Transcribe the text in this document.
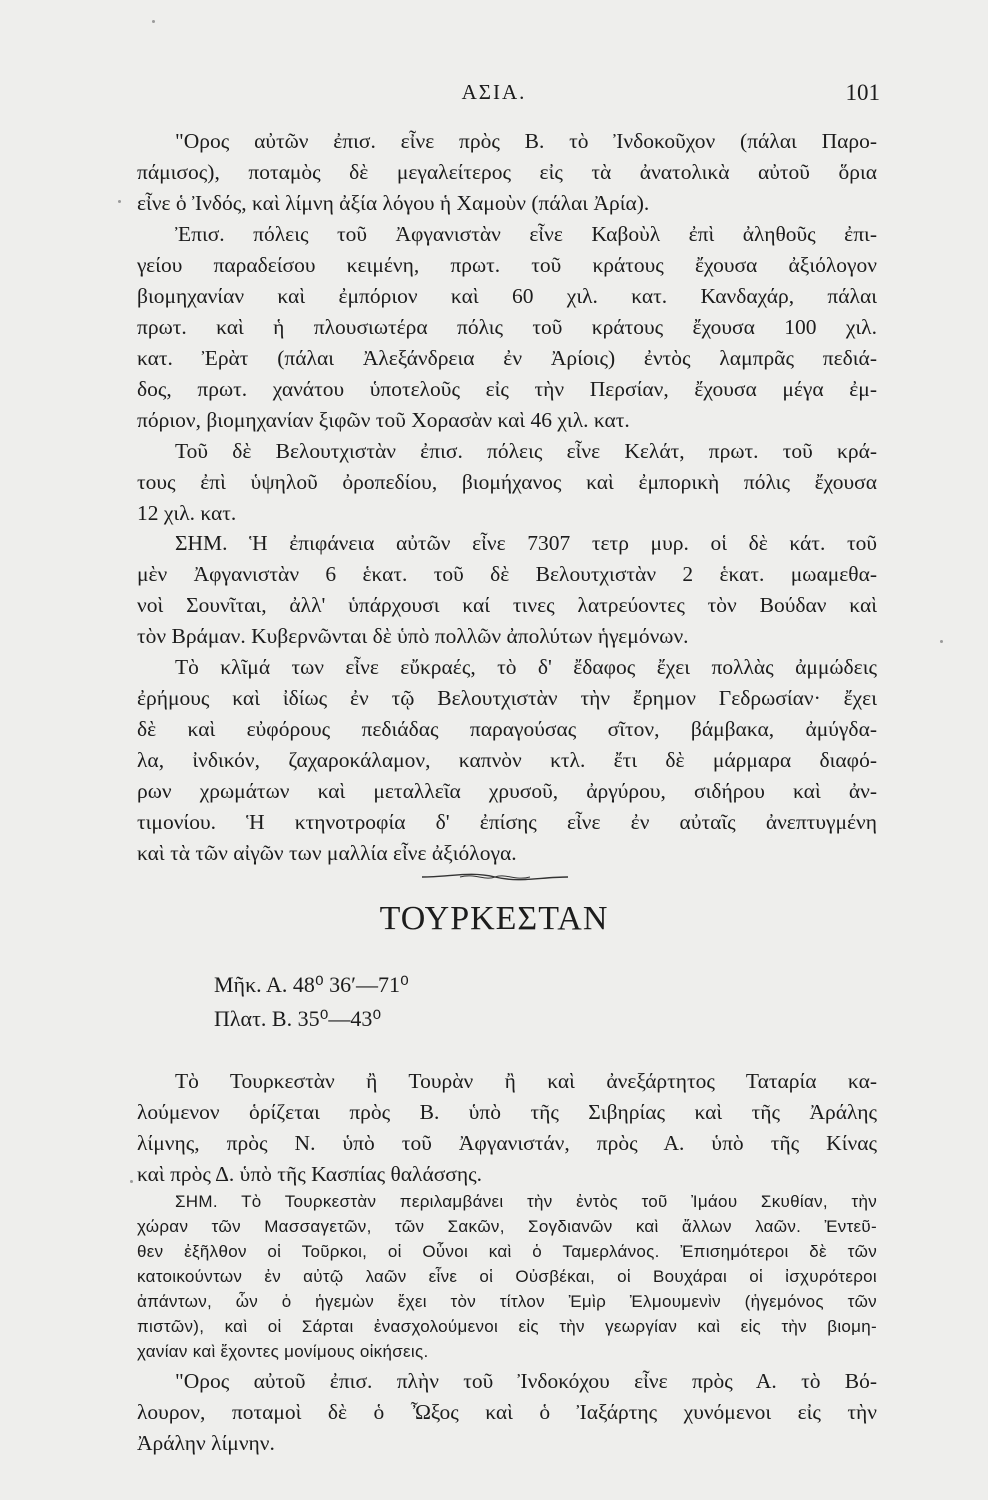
ΑΣΙΑ.	101
"Ορος αὐτῶν ἐπισ. εἶνε πρὸς Β. τὸ Ἰνδοκοῦχον (πάλαι Παρο-
πάμισος), ποταμὸς δὲ μεγαλείτερος εἰς τὰ ἀνατολικὰ αὐτοῦ ὅρια
εἶνε ὁ Ἰνδός, καὶ λίμνη ἀξία λόγου ἡ Χαμοὺν (πάλαι Ἀρία).
Ἐπισ. πόλεις τοῦ Ἀφγανιστὰν εἶνε Καβοὺλ ἐπὶ ἀληθοῦς ἐπι-
γείου παραδείσου κειμένη, πρωτ. τοῦ κράτους ἔχουσα ἀξιόλογον
βιομηχανίαν καὶ ἐμπόριον καὶ 60 χιλ. κατ. Κανδαχάρ, πάλαι
πρωτ. καὶ ἡ πλουσιωτέρα πόλις τοῦ κράτους ἔχουσα 100 χιλ.
κατ. Ἐρὰτ (πάλαι Ἀλεξάνδρεια ἐν Ἀρίοις) ἐντὸς λαμπρᾶς πεδιά-
δος, πρωτ. χανάτου ὑποτελοῦς εἰς τὴν Περσίαν, ἔχουσα μέγα ἐμ-
πόριον, βιομηχανίαν ξιφῶν τοῦ Χορασὰν καὶ 46 χιλ. κατ.
Τοῦ δὲ Βελουτχιστὰν ἐπισ. πόλεις εἶνε Κελάτ, πρωτ. τοῦ κρά-
τους ἐπὶ ὑψηλοῦ ὀροπεδίου, βιομήχανος καὶ ἐμπορικὴ πόλις ἔχουσα
12 χιλ. κατ.
ΣΗΜ. Ἡ ἐπιφάνεια αὐτῶν εἶνε 7307 τετρ μυρ. οἱ δὲ κάτ. τοῦ
μὲν Ἀφγανιστὰν 6 ἑκατ. τοῦ δὲ Βελουτχιστὰν 2 ἑκατ. μωαμεθα-
νοὶ Σουνῖται, ἀλλ' ὑπάρχουσι καί τινες λατρεύοντες τὸν Βούδαν καὶ
τὸν Βράμαν. Κυβερνῶνται δὲ ὑπὸ πολλῶν ἀπολύτων ἡγεμόνων.
Τὸ κλῖμά των εἶνε εὔκραές, τὸ δ' ἔδαφος ἔχει πολλὰς ἀμμώδεις
ἐρήμους καὶ ἰδίως ἐν τῷ Βελουτχιστὰν τὴν ἔρημον Γεδρωσίαν· ἔχει
δὲ καὶ εὐφόρους πεδιάδας παραγούσας σῖτον, βάμβακα, ἀμύγδα-
λα, ἰνδικόν, ζαχαροκάλαμον, καπνὸν κτλ. ἔτι δὲ μάρμαρα διαφό-
ρων χρωμάτων καὶ μεταλλεῖα χρυσοῦ, ἀργύρου, σιδήρου καὶ ἀν-
τιμονίου. Ἡ κτηνοτροφία δ' ἐπίσης εἶνε ἐν αὐταῖς ἀνεπτυγμένη
καὶ τὰ τῶν αἰγῶν των μαλλία εἶνε ἀξιόλογα.
ΤΟΥΡΚΕΣΤΑΝ
Μῆκ. Α. 48⁰ 36′—71⁰
Πλατ. Β. 35⁰—43⁰
Τὸ Τουρκεστὰν ἢ Τουρὰν ἢ καὶ ἀνεξάρτητος Ταταρία κα-
λούμενον ὁρίζεται πρὸς Β. ὑπὸ τῆς Σιβηρίας καὶ τῆς Ἀράλης
λίμνης, πρὸς Ν. ὑπὸ τοῦ Ἀφγανιστάν, πρὸς Α. ὑπὸ τῆς Κίνας
καὶ πρὸς Δ. ὑπὸ τῆς Κασπίας θαλάσσης.
ΣΗΜ. Τὸ Τουρκεστὰν περιλαμβάνει τὴν ἐντὸς τοῦ Ἰμάου Σκυθίαν, τὴν
χώραν τῶν Μασσαγετῶν, τῶν Σακῶν, Σογδιανῶν καὶ ἄλλων λαῶν. Ἐντεῦ-
θεν ἐξῆλθον οἱ Τοῦρκοι, οἱ Οὖνοι καὶ ὁ Ταμερλάνος. Ἐπισημότεροι δὲ τῶν
κατοικούντων ἐν αὐτῷ λαῶν εἶνε οἱ Οὐσβέκαι, οἱ Βουχάραι οἱ ἰσχυρότεροι
ἁπάντων, ὧν ὁ ἡγεμὼν ἔχει τὸν τίτλον Ἐμὶρ Ἐλμουμενὶν (ἡγεμόνος τῶν
πιστῶν), καὶ οἱ Σάρται ἐνασχολούμενοι εἰς τὴν γεωργίαν καὶ εἰς τὴν βιομη-
χανίαν καὶ ἔχοντες μονίμους οἰκήσεις.
"Ορος αὐτοῦ ἐπισ. πλὴν τοῦ Ἰνδοκόχου εἶνε πρὸς Α. τὸ Βό-
λουρον, ποταμοὶ δὲ ὁ Ὦξος καὶ ὁ Ἰαξάρτης χυνόμενοι εἰς τὴν
Ἀράλην λίμνην.
